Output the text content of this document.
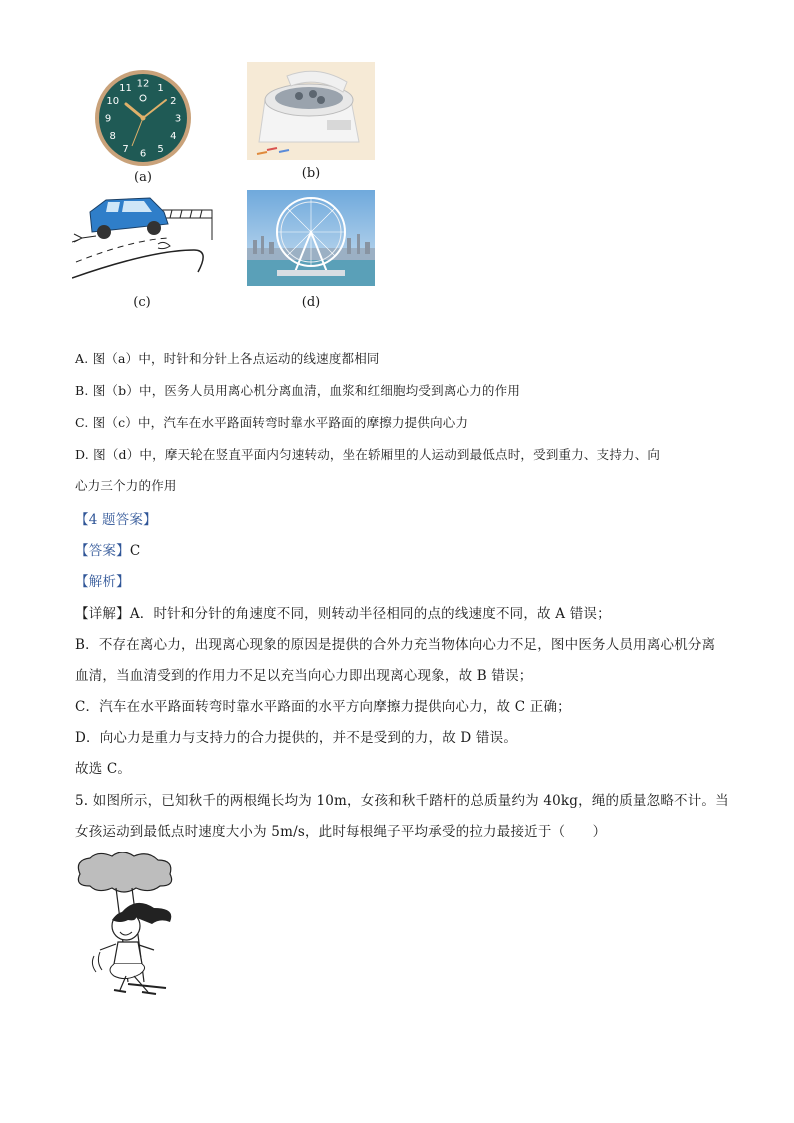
12 1
2
3
4
5
6
7
8
9
10
11
(a)	(b)
(c)	(d)
A. 图（a）中，时针和分针上各点运动的线速度都相同
B. 图（b）中，医务人员用离心机分离血清，血浆和红细胞均受到离心力的作用
C. 图（c）中，汽车在水平路面转弯时靠水平路面的摩擦力提供向心力
D. 图（d）中，摩天轮在竖直平面内匀速转动，坐在轿厢里的人运动到最低点时，受到重力、支持力、向
心力三个力的作用
【4 题答案】
【答案】C
【解析】
【详解】A．时针和分针的角速度不同，则转动半径相同的点的线速度不同，故 A 错误；
B．不存在离心力，出现离心现象的原因是提供的合外力充当物体向心力不足，图中医务人员用离心机分离
血清，当血清受到的作用力不足以充当向心力即出现离心现象，故 B 错误；
C．汽车在水平路面转弯时靠水平路面的水平方向摩擦力提供向心力，故 C 正确；
D．向心力是重力与支持力的合力提供的，并不是受到的力，故 D 错误。
故选 C。
5. 如图所示，已知秋千的两根绳长均为 10m，女孩和秋千踏杆的总质量约为 40kg，绳的质量忽略不计。当
女孩运动到最低点时速度大小为 5m/s，此时每根绳子平均承受的拉力最接近于（　　）
